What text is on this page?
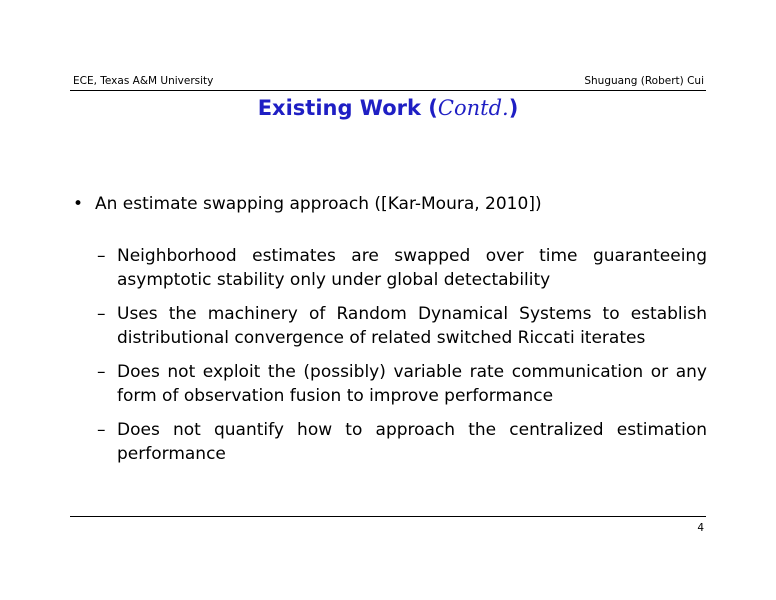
ECE, Texas A&M University	Shuguang (Robert) Cui
Existing Work (Contd.)
• An estimate swapping approach ([Kar-Moura, 2010])
– Neighborhood estimates are swapped over time guaranteeing asymptotic stability only under global detectability
– Uses the machinery of Random Dynamical Systems to establish distributional convergence of related switched Riccati iterates
– Does not exploit the (possibly) variable rate communication or any form of observation fusion to improve performance
– Does not quantify how to approach the centralized estimation performance
4
